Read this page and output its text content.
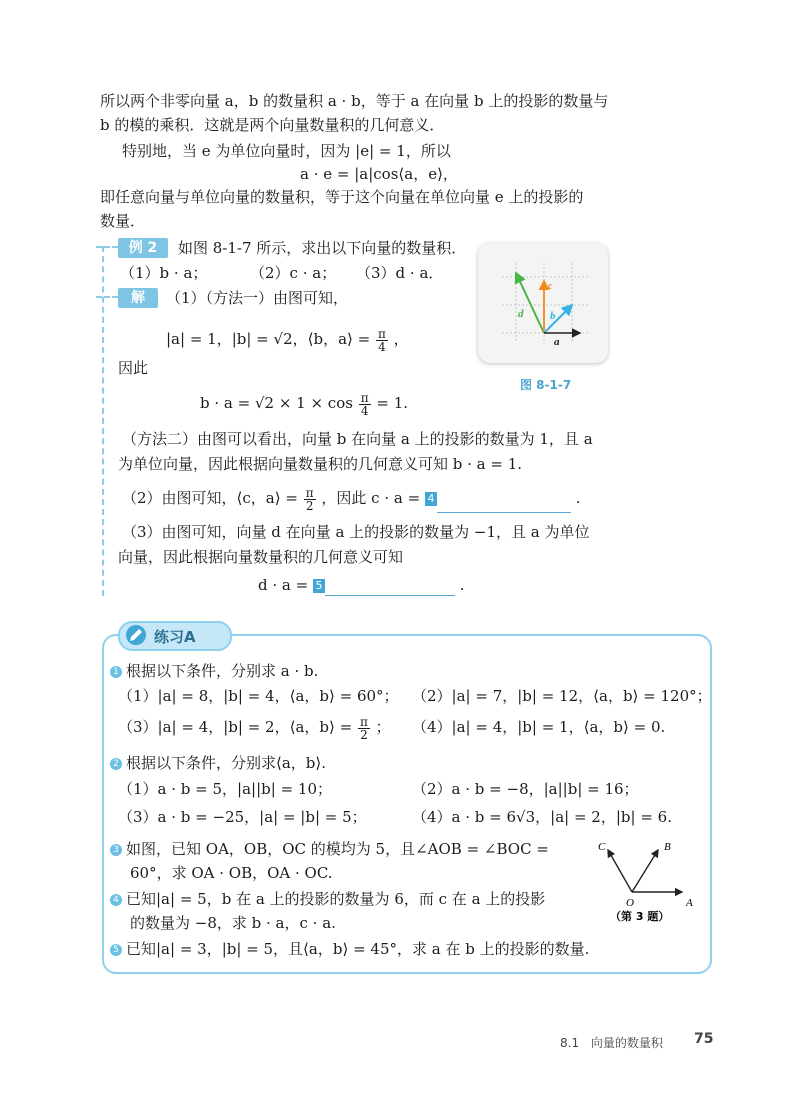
所以两个非零向量 a，b 的数量积 a · b，等于 a 在向量 b 上的投影的数量与
b 的模的乘积．这就是两个向量数量积的几何意义．
特别地，当 e 为单位向量时，因为 |e| = 1，所以
a · e = |a|cos⟨a，e⟩，
即任意向量与单位向量的数量积，等于这个向量在单位向量 e 上的投影的
数量．
例 2	如图 8-1-7 所示，求出以下向量的数量积．
（1）b · a；	（2）c · a； （3）d · a．
解	（1）（方法一）由图可知，
|a| = 1，|b| = √2，⟨b，a⟩ = $\frac{\pi}{4}$ ，
因此
$b \cdot a = √2 \times 1 \times \cos \frac{\pi}{4} = 1$.
（方法二）由图可以看出，向量 b 在向量 a 上的投影的数量为 1，且 a
为单位向量，因此根据向量数量积的几何意义可知 b · a = 1.
（2）由图可知，⟨c，a⟩ = $\frac{\pi}{2}$ ，因此 c · a = 4	.
（3）由图可知，向量 d 在向量 a 上的投影的数量为 −1，且 a 为单位
向量，因此根据向量数量积的几何意义可知
d · a = 5	.
d
c
b
a
图 8-1-7
练习A
1 根据以下条件，分别求 a · b.
（1）|a| = 8，|b| = 4，⟨a，b⟩ = 60°； （2）|a| = 7，|b| = 12，⟨a，b⟩ = 120°；
（3）|a| = 4，|b| = 2，⟨a，b⟩ = $\frac{\pi}{2}$ ； （4）|a| = 4，|b| = 1，⟨a，b⟩ = 0.
2 根据以下条件，分别求⟨a，b⟩.
（1）a · b = 5，|a||b| = 10；	（2）a · b = −8，|a||b| = 16；
（3）a · b = −25，|a| = |b| = 5；	（4）a · b = 6√3，|a| = 2，|b| = 6.
3 如图，已知 OA，OB，OC 的模均为 5，且∠AOB = ∠BOC =
60°，求 OA · OB，OA · OC.
4 已知|a| = 5，b 在 a 上的投影的数量为 6，而 c 在 a 上的投影
的数量为 −8，求 b · a，c · a.
5 已知|a| = 3，|b| = 5，且⟨a，b⟩ = 45°，求 a 在 b 上的投影的数量.
C	B
O	A
（第 3 题）
8.1 向量的数量积 75
